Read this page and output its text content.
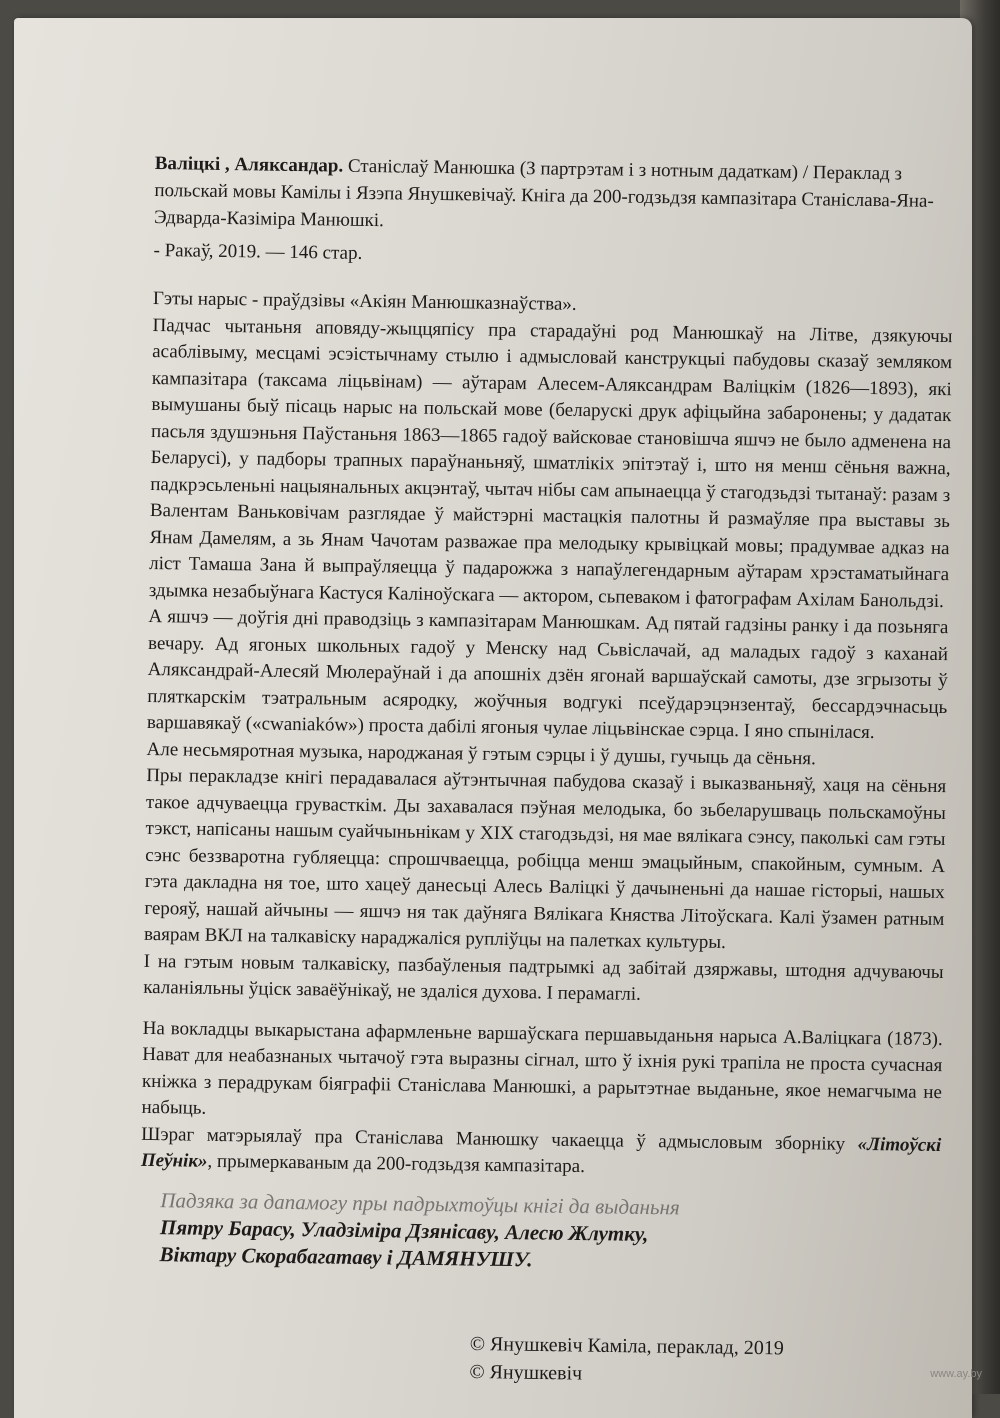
Валіцкі , Аляксандар. Станіслаў Манюшка (З партрэтам і з нотным дадаткам) / Пераклад з польскай мовы Камілы і Язэпа Янушкевічаў. Кніга да 200-годзьдзя кампазітара Станіслава-Яна-Эдварда-Казіміра Манюшкі.

- Ракаў, 2019. — 146 стар.

Гэты нарыс - праўдзівы «Акіян Манюшказнаўства».

Падчас чытаньня аповяду-жыццяпісу пра старадаўні род Манюшкаў на Літве, дзякуючы асаблівыму, месцамі эсэістычнаму стылю і адмысловай канструкцыі пабудовы сказаў земляком кампазітара (таксама ліцьвінам) — аўтарам Алесем-Аляксандрам Валіцкім (1826—1893), які вымушаны быў пісаць нарыс на польскай мове (беларускі друк афіцыйна забаронены; у дадатак пасьля здушэньня Паўстаньня 1863—1865 гадоў вайсковае становішча яшчэ не было адменена на Беларусі), у падборы трапных параўнаньняў, шматлікіх эпітэтаў і, што ня менш сёньня важна, падкрэсьленьні нацыянальных акцэнтаў, чытач нібы сам апынаецца ў стагодзьдзі тытанаў: разам з Валентам Ваньковічам разглядае ў майстэрні мастацкія палотны й размаўляе пра выставы зь Янам Дамелям, а зь Янам Чачотам разважае пра мелодыку крывіцкай мовы; прадумвае адказ на ліст Тамаша Зана й выпраўляецца ў падарожжа з напаўлегендарным аўтарам хрэстаматыйнага здымка незабыўнага Кастуся Каліноўскага — актором, сьпеваком і фатографам Ахілам Банольдзі.

А яшчэ — доўгія дні праводзіць з кампазітарам Манюшкам. Ад пятай гадзіны ранку і да позьняга вечару. Ад ягоных школьных гадоў у Менску над Сьвіслачай, ад маладых гадоў з каханай Аляксандрай-Алесяй Мюлераўнай і да апошніх дзён ягонай варшаўскай самоты, дзе згрызоты ў пляткарскім тэатральным асяродку, жоўчныя водгукі псеўдарэцэнзентаў, бессардэчнасьць варшавякаў («cwaniaków») проста дабілі ягоныя чулае ліцьвінскае сэрца. І яно спынілася.

Але несьмяротная музыка, народжаная ў гэтым сэрцы і ў душы, гучыць да сёньня.

Пры перакладзе кнігі перадавалася аўтэнтычная пабудова сказаў і выказваньняў, хаця на сёньня такое адчуваецца груваcткім. Ды захавалася пэўная мелодыка, бо зьбеларушваць польскамоўны тэкст, напісаны нашым суайчыньнікам у XIX стагодзьдзі, ня мае вялікага сэнсу, паколькі сам гэты сэнс беззваротна губляецца: спрошчваецца, робіцца менш эмацыйным, спакойным, сумным. А гэта дакладна ня тое, што хацеў данесьці Алесь Валіцкі ў дачыненьні да нашае гісторыі, нашых герояў, нашай айчыны — яшчэ ня так даўняга Вялікага Княства Літоўскага. Калі ўзамен ратным ваярам ВКЛ на талкавіску нараджаліся рупліўцы на палетках культуры.

І на гэтым новым талкавіску, пазбаўленыя падтрымкі ад забітай дзяржавы, штодня адчуваючы каланіяльны ўціск заваёўнікаў, не здаліся духова. І перамаглі.

На вокладцы выкарыстана афармленьне варшаўскага першавыданьня нарыса А.Валіцкага (1873). Нават для неабазнаных чытачоў гэта выразны сігнал, што ў іхнія рукі трапіла не проста сучасная кніжка з перадрукам біяграфіі Станіслава Манюшкі, а рарытэтнае выданьне, якое немагчыма не набыць.

Шэраг матэрыялаў пра Станіслава Манюшку чакаецца ў адмысловым зборніку «Літоўскі Пеўнік», прымеркаваным да 200-годзьдзя кампазітара.

Падзяка за дапамогу пры падрыхтоўцы кнігі да выданьня
Пятру Барасу, Уладзіміра Дзянісаву, Алесю Жлутку,
Віктару Скорабагатаву і ДАМЯНУШУ.
© Янушкевіч Каміла, пераклад, 2019
© Янушкевіч	www.ay.by
